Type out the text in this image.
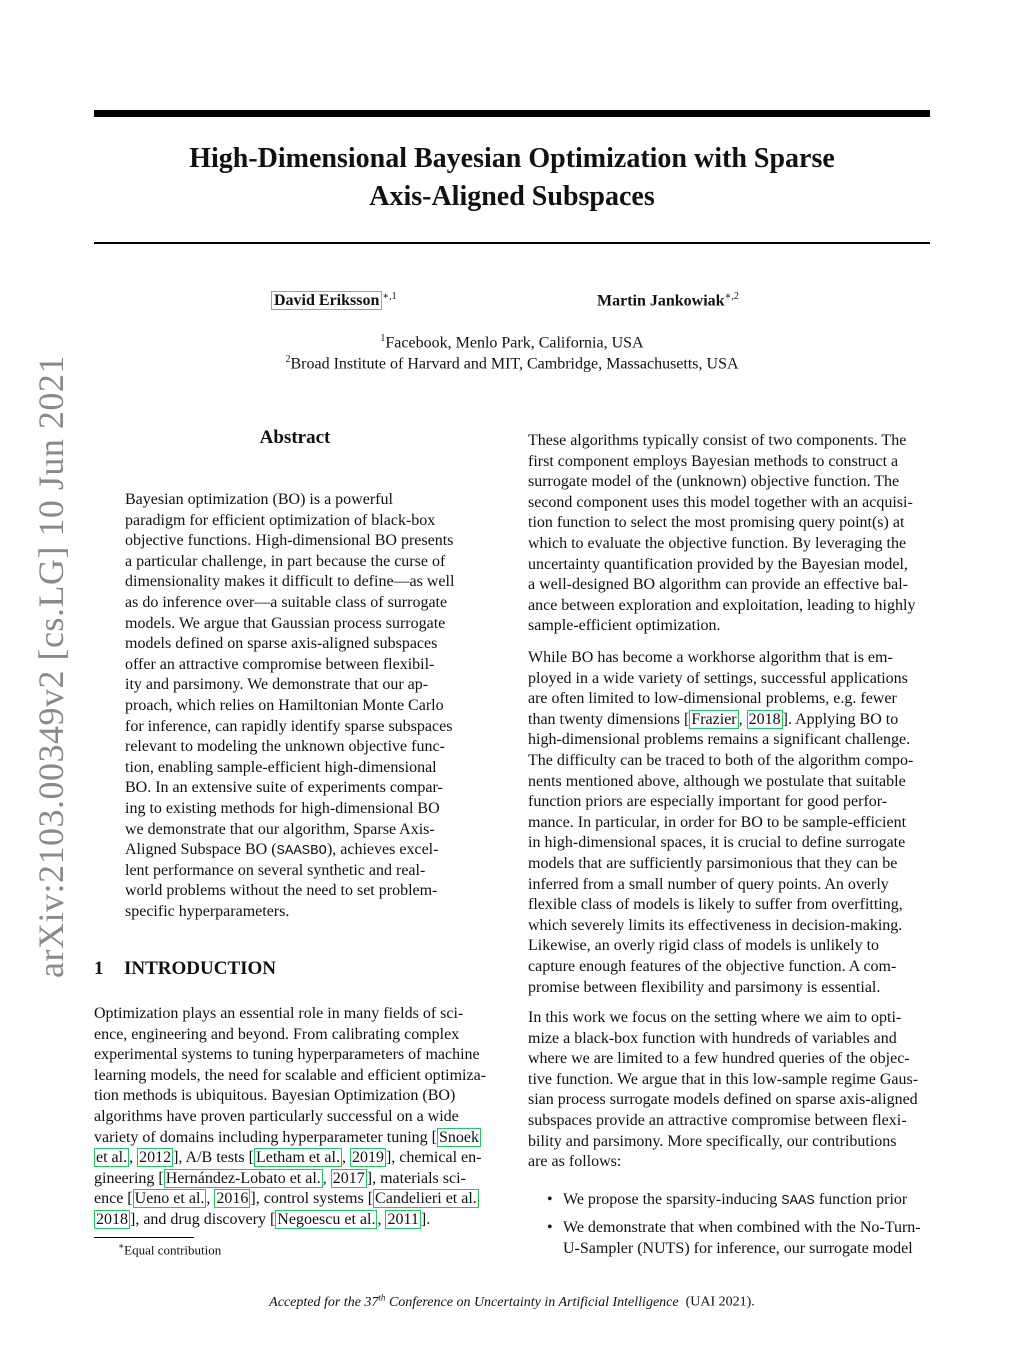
High-Dimensional Bayesian Optimization with Sparse
Axis-Aligned Subspaces
David Eriksson $^{∗,1}$	Martin Jankowiak$^{∗,2}$
$^1$Facebook, Menlo Park, California, USA
$^2$Broad Institute of Harvard and MIT, Cambridge, Massachusetts, USA
arXiv:2103.00349v2 [cs.LG] 10 Jun 2021	Abstract
Bayesian optimization (BO) is a powerful
paradigm for efficient optimization of black-box
objective functions. High-dimensional BO presents
a particular challenge, in part because the curse of
dimensionality makes it difficult to define—as well
as do inference over—a suitable class of surrogate
models. We argue that Gaussian process surrogate
models defined on sparse axis-aligned subspaces
offer an attractive compromise between flexibil-
ity and parsimony. We demonstrate that our ap-
proach, which relies on Hamiltonian Monte Carlo
for inference, can rapidly identify sparse subspaces
relevant to modeling the unknown objective func-
tion, enabling sample-efficient high-dimensional
BO. In an extensive suite of experiments compar-
ing to existing methods for high-dimensional BO
we demonstrate that our algorithm, Sparse Axis-
Aligned Subspace BO (SAASBO), achieves excel-
lent performance on several synthetic and real-
world problems without the need to set problem-
specific hyperparameters.
1 INTRODUCTION
Optimization plays an essential role in many fields of sci-
ence, engineering and beyond. From calibrating complex
experimental systems to tuning hyperparameters of machine
learning models, the need for scalable and efficient optimiza-
tion methods is ubiquitous. Bayesian Optimization (BO)
algorithms have proven particularly successful on a wide
variety of domains including hyperparameter tuning [ Snoek
et al. , 2012 ], A/B tests [ Letham et al. , 2019 ], chemical en-
gineering [ Hernández-Lobato et al. , 2017 ], materials sci-
ence [ Ueno et al. , 2016 ], control systems [ Candelieri et al.
2018 ], and drug discovery [ Negoescu et al. , 2011 ].
∗Equal contribution
These algorithms typically consist of two components. The
first component employs Bayesian methods to construct a
surrogate model of the (unknown) objective function. The
second component uses this model together with an acquisi-
tion function to select the most promising query point(s) at
which to evaluate the objective function. By leveraging the
uncertainty quantification provided by the Bayesian model,
a well-designed BO algorithm can provide an effective bal-
ance between exploration and exploitation, leading to highly
sample-efficient optimization.
While BO has become a workhorse algorithm that is em-
ployed in a wide variety of settings, successful applications
are often limited to low-dimensional problems, e.g. fewer
than twenty dimensions [ Frazier , 2018 ]. Applying BO to
high-dimensional problems remains a significant challenge.
The difficulty can be traced to both of the algorithm compo-
nents mentioned above, although we postulate that suitable
function priors are especially important for good perfor-
mance. In particular, in order for BO to be sample-efficient
in high-dimensional spaces, it is crucial to define surrogate
models that are sufficiently parsimonious that they can be
inferred from a small number of query points. An overly
flexible class of models is likely to suffer from overfitting,
which severely limits its effectiveness in decision-making.
Likewise, an overly rigid class of models is unlikely to
capture enough features of the objective function. A com-
promise between flexibility and parsimony is essential.
In this work we focus on the setting where we aim to opti-
mize a black-box function with hundreds of variables and
where we are limited to a few hundred queries of the objec-
tive function. We argue that in this low-sample regime Gaus-
sian process surrogate models defined on sparse axis-aligned
subspaces provide an attractive compromise between flexi-
bility and parsimony. More specifically, our contributions
are as follows:
• We propose the sparsity-inducing SAAS function prior
• We demonstrate that when combined with the No-Turn-
U-Sampler (NUTS) for inference, our surrogate model
Accepted for the 37th Conference on Uncertainty in Artificial Intelligence (UAI 2021).
